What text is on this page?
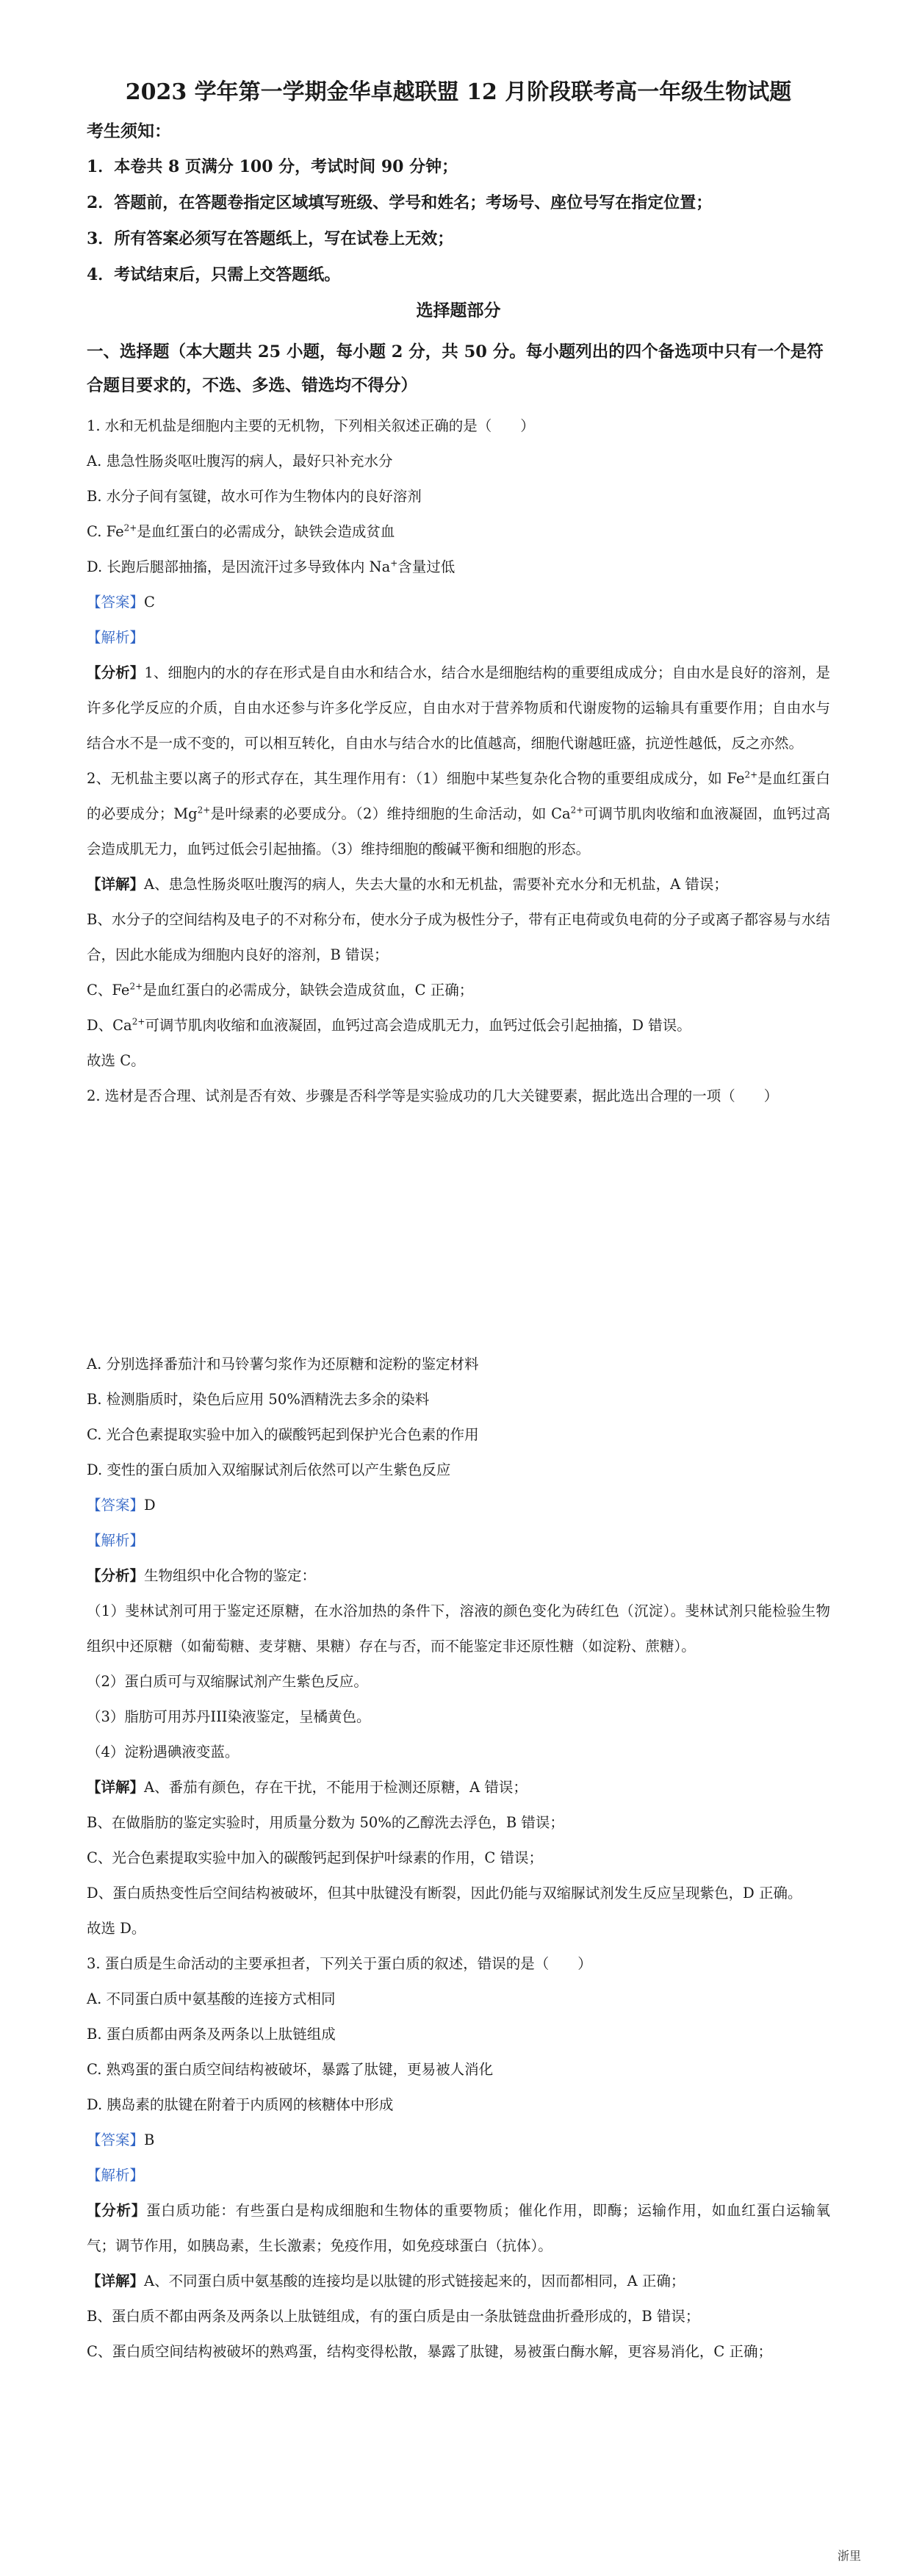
2023 学年第一学期金华卓越联盟 12 月阶段联考高一年级生物试题
考生须知：
1．本卷共 8 页满分 100 分，考试时间 90 分钟；
2．答题前，在答题卷指定区域填写班级、学号和姓名；考场号、座位号写在指定位置；
3．所有答案必须写在答题纸上，写在试卷上无效；
4．考试结束后，只需上交答题纸。
选择题部分
一、选择题（本大题共 25 小题，每小题 2 分，共 50 分。每小题列出的四个备选项中只有一个是符合题目要求的，不选、多选、错选均不得分）

1. 水和无机盐是细胞内主要的无机物，下列相关叙述正确的是（　　）

A. 患急性肠炎呕吐腹泻的病人，最好只补充水分

B. 水分子间有氢键，故水可作为生物体内的良好溶剂

C. $Fe^{2+}$是血红蛋白的必需成分，缺铁会造成贫血

D. 长跑后腿部抽搐，是因流汗过多导致体内 Na+含量过低

【答案】C

【解析】

【分析】1、细胞内的水的存在形式是自由水和结合水，结合水是细胞结构的重要组成成分；自由水是良好的溶剂，是许多化学反应的介质，自由水还参与许多化学反应，自由水对于营养物质和代谢废物的运输具有重要作用；自由水与结合水不是一成不变的，可以相互转化，自由水与结合水的比值越高，细胞代谢越旺盛，抗逆性越低，反之亦然。

2、无机盐主要以离子的形式存在，其生理作用有：（1）细胞中某些复杂化合物的重要组成成分，如 $Fe^{2+}$是血红蛋白的必要成分；$Mg^{2+}$是叶绿素的必要成分。（2）维持细胞的生命活动，如 $Ca^{2+}$可调节肌肉收缩和血液凝固，血钙过高会造成肌无力，血钙过低会引起抽搐。（3）维持细胞的酸碱平衡和细胞的形态。

【详解】A、患急性肠炎呕吐腹泻的病人，失去大量的水和无机盐，需要补充水分和无机盐，A 错误；

B、水分子的空间结构及电子的不对称分布，使水分子成为极性分子，带有正电荷或负电荷的分子或离子都容易与水结合，因此水能成为细胞内良好的溶剂，B 错误；

C、$Fe^{2+}$是血红蛋白的必需成分，缺铁会造成贫血，C 正确；

D、$Ca^{2+}$可调节肌肉收缩和血液凝固，血钙过高会造成肌无力，血钙过低会引起抽搐，D 错误。

故选 C。

2. 选材是否合理、试剂是否有效、步骤是否科学等是实验成功的几大关键要素，据此选出合理的一项（　　）

A. 分别选择番茄汁和马铃薯匀浆作为还原糖和淀粉的鉴定材料

B. 检测脂质时，染色后应用 50%酒精洗去多余的染料

C. 光合色素提取实验中加入的碳酸钙起到保护光合色素的作用

D. 变性的蛋白质加入双缩脲试剂后依然可以产生紫色反应

【答案】D

【解析】

【分析】生物组织中化合物的鉴定：

（1）斐林试剂可用于鉴定还原糖，在水浴加热的条件下，溶液的颜色变化为砖红色（沉淀）。斐林试剂只能检验生物组织中还原糖（如葡萄糖、麦芽糖、果糖）存在与否，而不能鉴定非还原性糖（如淀粉、蔗糖）。

（2）蛋白质可与双缩脲试剂产生紫色反应。

（3）脂肪可用苏丹III染液鉴定，呈橘黄色。

（4）淀粉遇碘液变蓝。

【详解】A、番茄有颜色，存在干扰，不能用于检测还原糖，A 错误；

B、在做脂肪的鉴定实验时，用质量分数为 50%的乙醇洗去浮色，B 错误；

C、光合色素提取实验中加入的碳酸钙起到保护叶绿素的作用，C 错误；

D、蛋白质热变性后空间结构被破坏，但其中肽键没有断裂，因此仍能与双缩脲试剂发生反应呈现紫色，D 正确。

故选 D。

3. 蛋白质是生命活动的主要承担者，下列关于蛋白质的叙述，错误的是（　　）

A. 不同蛋白质中氨基酸的连接方式相同

B. 蛋白质都由两条及两条以上肽链组成

C. 熟鸡蛋的蛋白质空间结构被破坏，暴露了肽键，更易被人消化

D. 胰岛素的肽键在附着于内质网的核糖体中形成

【答案】B

【解析】

【分析】蛋白质功能：有些蛋白是构成细胞和生物体的重要物质；催化作用，即酶；运输作用，如血红蛋白运输氧气；调节作用，如胰岛素，生长激素；免疫作用，如免疫球蛋白（抗体）。

【详解】A、不同蛋白质中氨基酸的连接均是以肽键的形式链接起来的，因而都相同，A 正确；

B、蛋白质不都由两条及两条以上肽链组成，有的蛋白质是由一条肽链盘曲折叠形成的，B 错误；

C、蛋白质空间结构被破坏的熟鸡蛋，结构变得松散，暴露了肽键，易被蛋白酶水解，更容易消化，C 正确；

浙里
